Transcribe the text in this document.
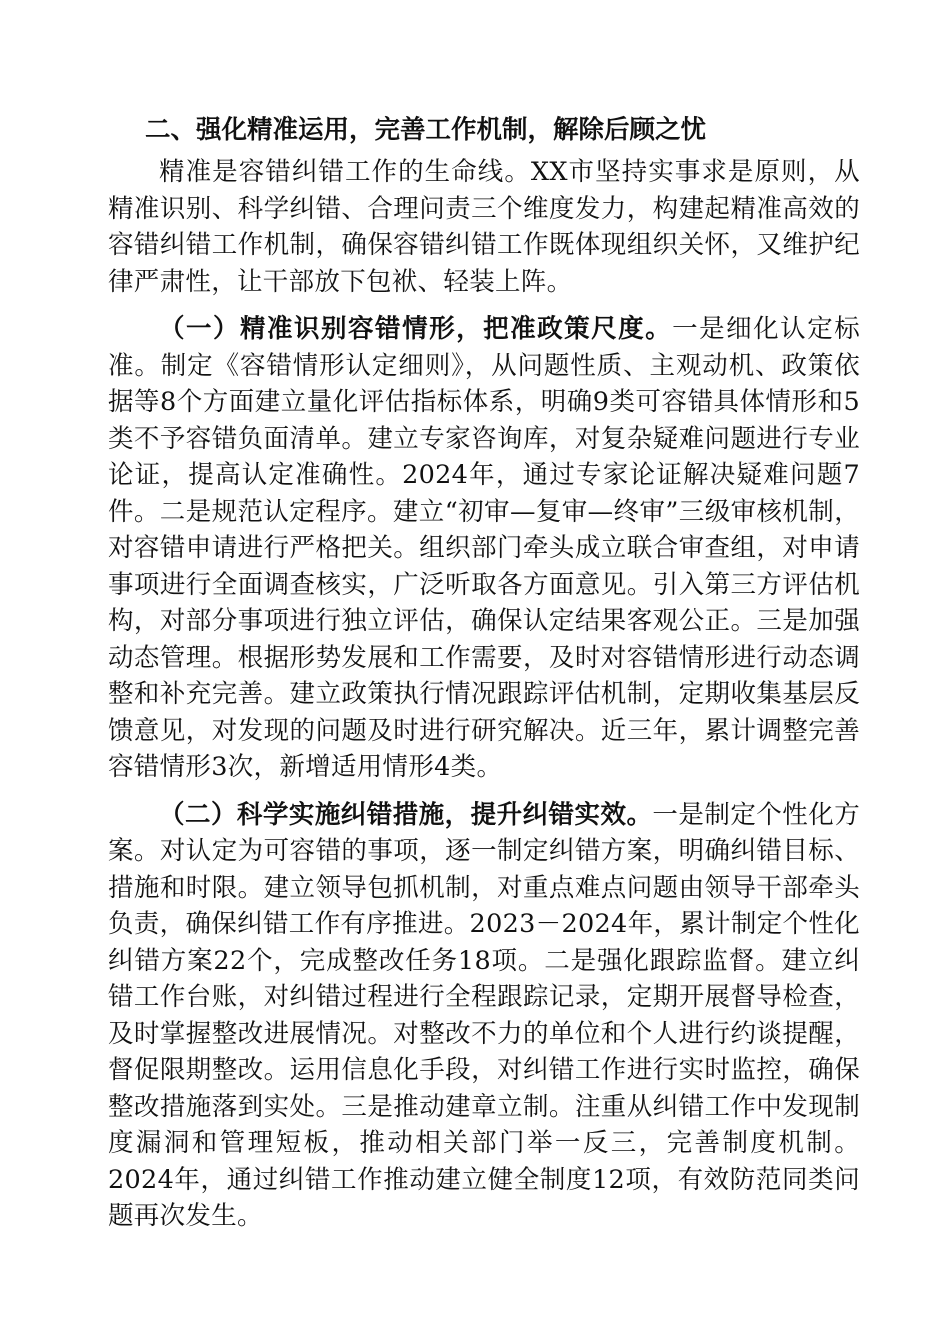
二、强化精准运用，完善工作机制，解除后顾之忧

精准是容错纠错工作的生命线。XX市坚持实事求是原则，从精准识别、科学纠错、合理问责三个维度发力，构建起精准高效的容错纠错工作机制，确保容错纠错工作既体现组织关怀，又维护纪律严肃性，让干部放下包袱、轻装上阵。

（一）精准识别容错情形，把准政策尺度。一是细化认定标准。制定《容错情形认定细则》，从问题性质、主观动机、政策依据等8个方面建立量化评估指标体系，明确9类可容错具体情形和5类不予容错负面清单。建立专家咨询库，对复杂疑难问题进行专业论证，提高认定准确性。2024年，通过专家论证解决疑难问题7件。二是规范认定程序。建立“初审—复审—终审”三级审核机制，对容错申请进行严格把关。组织部门牵头成立联合审查组，对申请事项进行全面调查核实，广泛听取各方面意见。引入第三方评估机构，对部分事项进行独立评估，确保认定结果客观公正。三是加强动态管理。根据形势发展和工作需要，及时对容错情形进行动态调整和补充完善。建立政策执行情况跟踪评估机制，定期收集基层反馈意见，对发现的问题及时进行研究解决。近三年，累计调整完善容错情形3次，新增适用情形4类。

（二）科学实施纠错措施，提升纠错实效。一是制定个性化方案。对认定为可容错的事项，逐一制定纠错方案，明确纠错目标、措施和时限。建立领导包抓机制，对重点难点问题由领导干部牵头负责，确保纠错工作有序推进。2023－2024年，累计制定个性化纠错方案22个，完成整改任务18项。二是强化跟踪监督。建立纠错工作台账，对纠错过程进行全程跟踪记录，定期开展督导检查，及时掌握整改进展情况。对整改不力的单位和个人进行约谈提醒，督促限期整改。运用信息化手段，对纠错工作进行实时监控，确保整改措施落到实处。三是推动建章立制。注重从纠错工作中发现制度漏洞和管理短板，推动相关部门举一反三，完善制度机制。2024年，通过纠错工作推动建立健全制度12项，有效防范同类问题再次发生。
